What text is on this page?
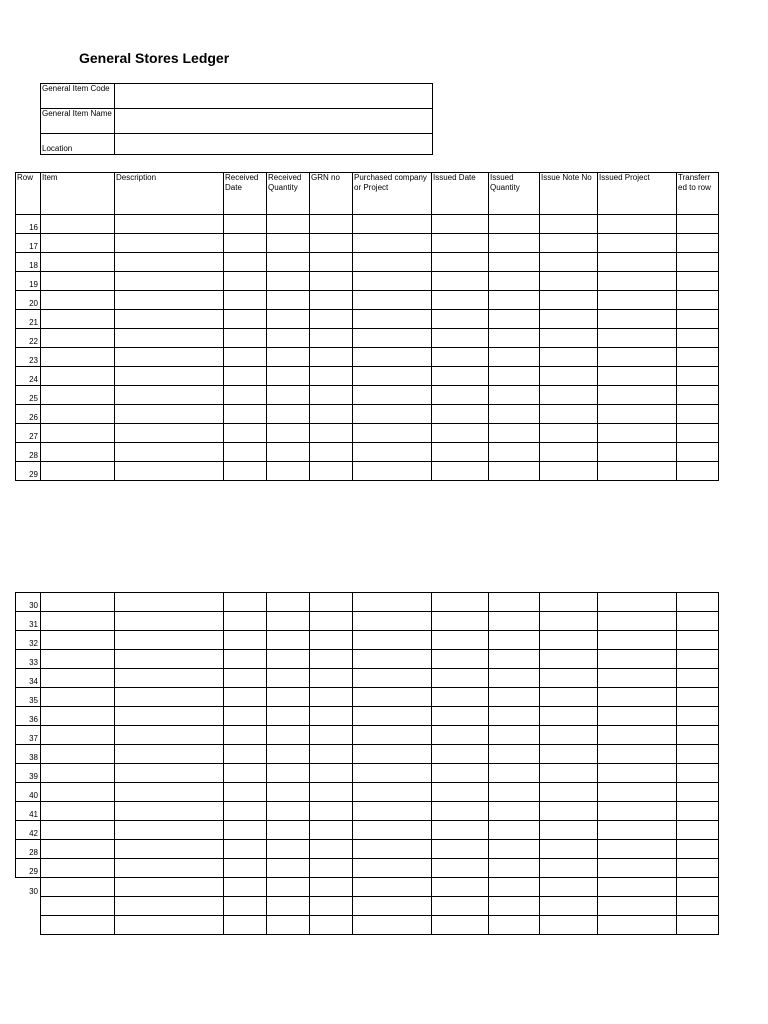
General Stores Ledger
General Item Code	
General Item Name	
Location	
Row	Item	Description	Received Date	Received Quantity	GRN no	Purchased company or Project	Issued Date	Issued Quantity	Issue Note No	Issued Project	Transferr ed to row
16											
17											
18											
19											
20											
21											
22											
23											
24											
25											
26											
27											
28											
29											
30											
31											
32											
33											
34											
35											
36											
37											
38											
39											
40											
41											
42											
28											
29											
30											
